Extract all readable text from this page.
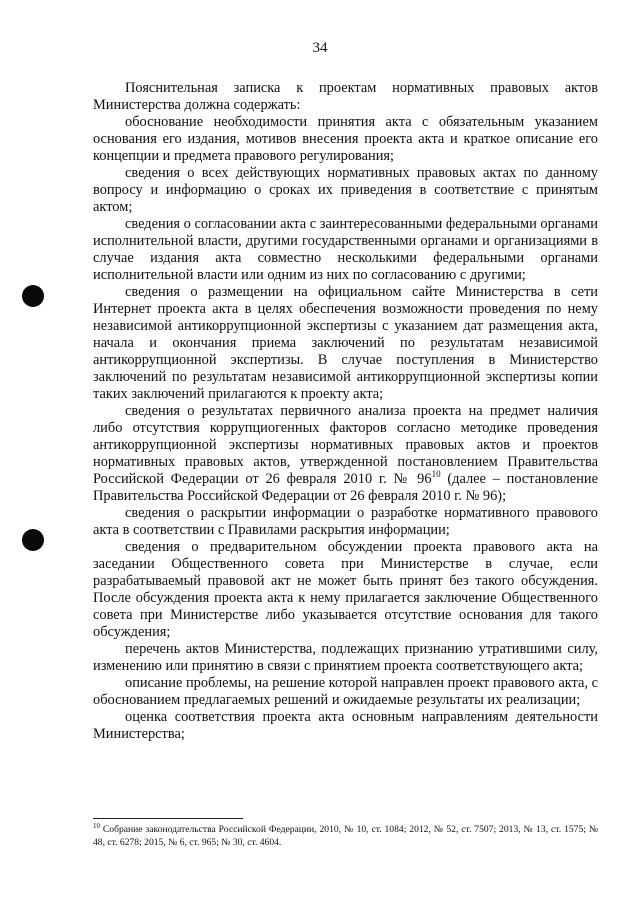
34

Пояснительная записка к проектам нормативных правовых актов Министерства должна содержать:

обоснование необходимости принятия акта с обязательным указанием основания его издания, мотивов внесения проекта акта и краткое описание его концепции и предмета правового регулирования;

сведения о всех действующих нормативных правовых актах по данному вопросу и информацию о сроках их приведения в соответствие с принятым актом;

сведения о согласовании акта с заинтересованными федеральными органами исполнительной власти, другими государственными органами и организациями в случае издания акта совместно несколькими федеральными органами исполнительной власти или одним из них по согласованию с другими;

сведения о размещении на официальном сайте Министерства в сети Интернет проекта акта в целях обеспечения возможности проведения по нему независимой антикоррупционной экспертизы с указанием дат размещения акта, начала и окончания приема заключений по результатам независимой антикоррупционной экспертизы. В случае поступления в Министерство заключений по результатам независимой антикоррупционной экспертизы копии таких заключений прилагаются к проекту акта;

сведения о результатах первичного анализа проекта на предмет наличия либо отсутствия коррупциогенных факторов согласно методике проведения антикоррупционной экспертизы нормативных правовых актов и проектов нормативных правовых актов, утвержденной постановлением Правительства Российской Федерации от 26 февраля 2010 г. № $96^{10}$ (далее – постановление Правительства Российской Федерации от 26 февраля 2010 г. № 96);

сведения о раскрытии информации о разработке нормативного правового акта в соответствии с Правилами раскрытия информации;

сведения о предварительном обсуждении проекта правового акта на заседании Общественного совета при Министерстве в случае, если разрабатываемый правовой акт не может быть принят без такого обсуждения. После обсуждения проекта акта к нему прилагается заключение Общественного совета при Министерстве либо указывается отсутствие основания для такого обсуждения;

перечень актов Министерства, подлежащих признанию утратившими силу, изменению или принятию в связи с принятием проекта соответствующего акта;

описание проблемы, на решение которой направлен проект правового акта, с обоснованием предлагаемых решений и ожидаемые результаты их реализации;

оценка соответствия проекта акта основным направлениям деятельности Министерства;

$^{10}$ Собрание законодательства Российской Федерации, 2010, № 10, ст. 1084; 2012, № 52, ст. 7507; 2013, № 13, ст. 1575; № 48, ст. 6278; 2015, № 6, ст. 965; № 30, ст. 4604.
